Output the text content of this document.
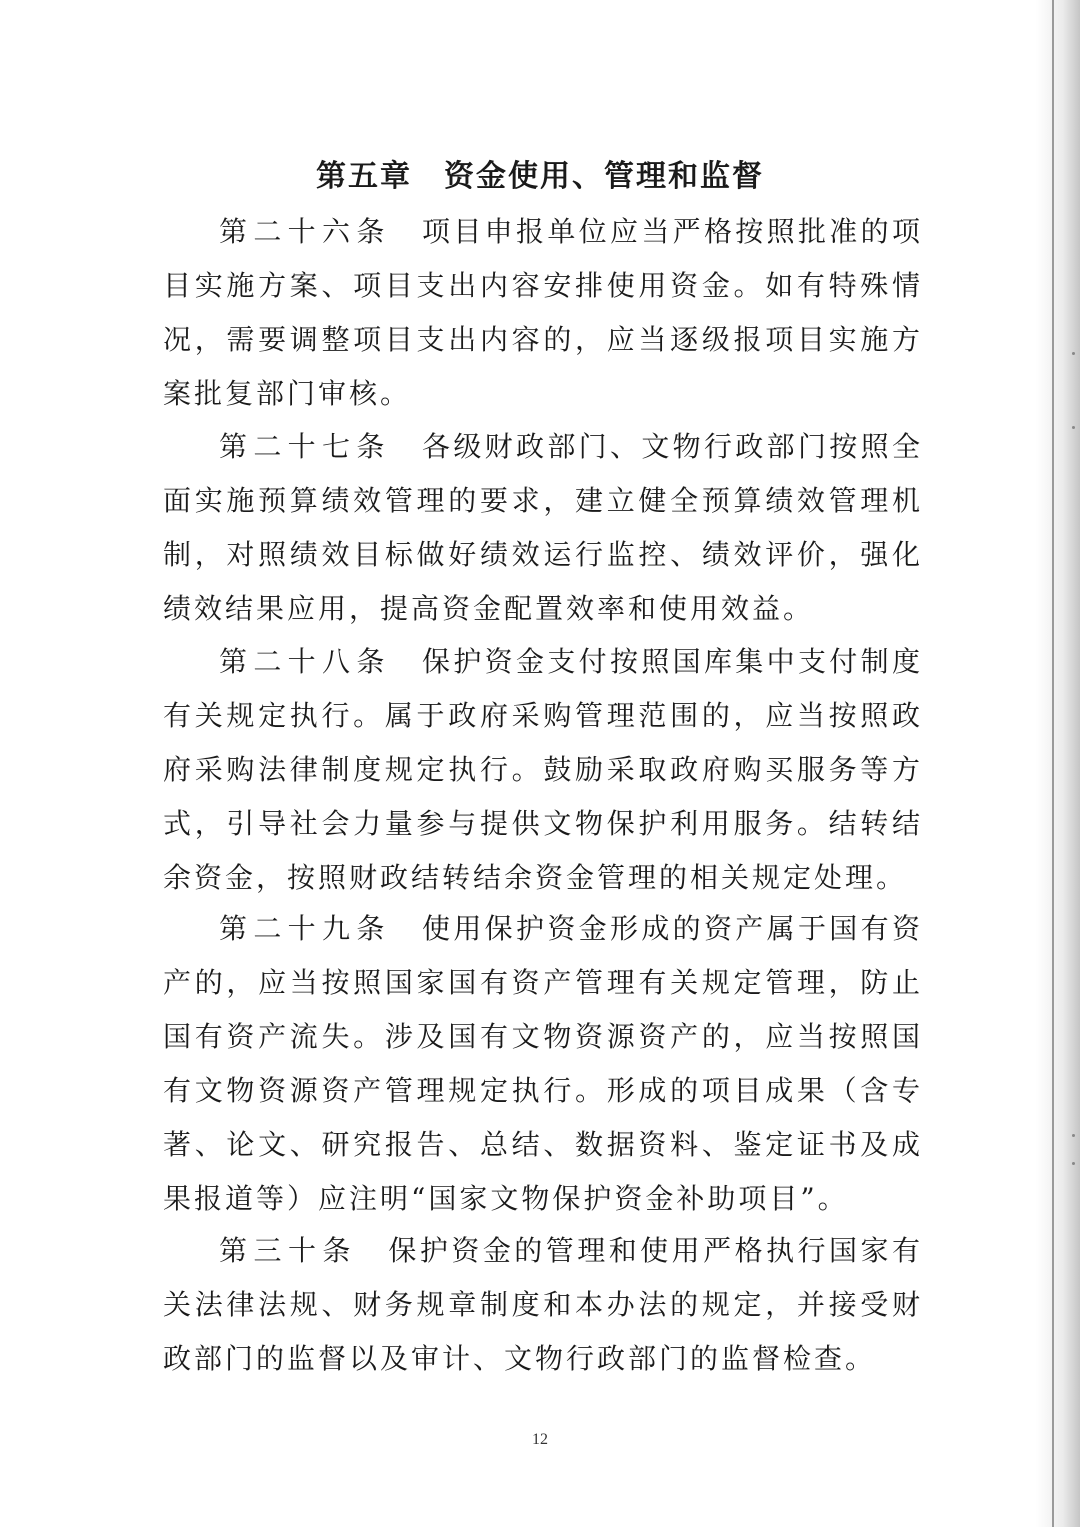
第五章　资金使用、管理和监督

第二十六条　 项目申报单位应当严格按照批准的项目实施方案、项目支出内容安排使用资金。如有特殊情况，需要调整项目支出内容的，应当逐级报项目实施方案批复部门审核。

第二十七条　 各级财政部门、文物行政部门按照全面实施预算绩效管理的要求，建立健全预算绩效管理机制，对照绩效目标做好绩效运行监控、绩效评价，强化绩效结果应用，提高资金配置效率和使用效益。

第二十八条　 保护资金支付按照国库集中支付制度有关规定执行。属于政府采购管理范围的，应当按照政府采购法律制度规定执行。鼓励采取政府购买服务等方式，引导社会力量参与提供文物保护利用服务。结转结余资金，按照财政结转结余资金管理的相关规定处理。

第二十九条　 使用保护资金形成的资产属于国有资产的，应当按照国家国有资产管理有关规定管理，防止国有资产流失。涉及国有文物资源资产的，应当按照国有文物资源资产管理规定执行。形成的项目成果（含专著、论文、研究报告、总结、数据资料、鉴定证书及成果报道等）应注明“国家文物保护资金补助项目”。

第三十条　 保护资金的管理和使用严格执行国家有关法律法规、财务规章制度和本办法的规定，并接受财政部门的监督以及审计、文物行政部门的监督检查。

12
